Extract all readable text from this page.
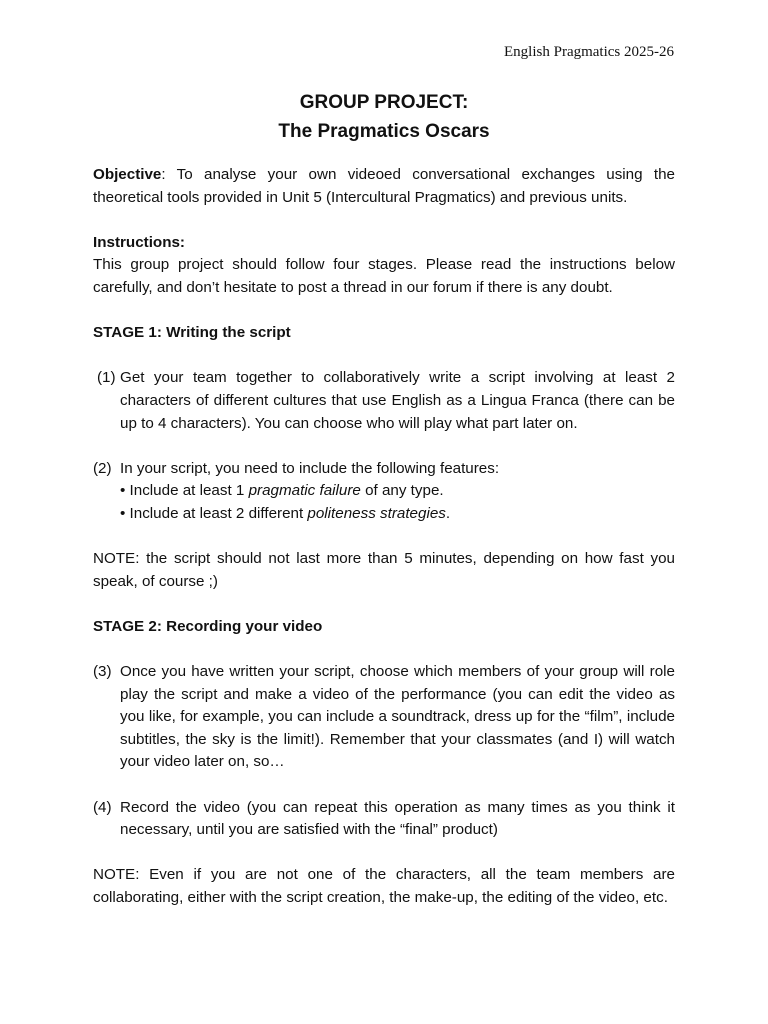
English Pragmatics 2025-26
GROUP PROJECT:
The Pragmatics Oscars

Objective: To analyse your own videoed conversational exchanges using the theoretical tools provided in Unit 5 (Intercultural Pragmatics) and previous units.

Instructions:

This group project should follow four stages. Please read the instructions below carefully, and don’t hesitate to post a thread in our forum if there is any doubt.

STAGE 1: Writing the script

(1) Get your team together to collaboratively write a script involving at least 2 characters of different cultures that use English as a Lingua Franca (there can be up to 4 characters). You can choose who will play what part later on.
(2) In your script, you need to include the following features:
• Include at least 1 pragmatic failure of any type.
• Include at least 2 different politeness strategies.

NOTE: the script should not last more than 5 minutes, depending on how fast you speak, of course ;)

STAGE 2: Recording your video

(3) Once you have written your script, choose which members of your group will role play the script and make a video of the performance (you can edit the video as you like, for example, you can include a soundtrack, dress up for the “film”, include subtitles, the sky is the limit!). Remember that your classmates (and I) will watch your video later on, so…
(4) Record the video (you can repeat this operation as many times as you think it necessary, until you are satisfied with the “final” product)

NOTE: Even if you are not one of the characters, all the team members are collaborating, either with the script creation, the make-up, the editing of the video, etc.
